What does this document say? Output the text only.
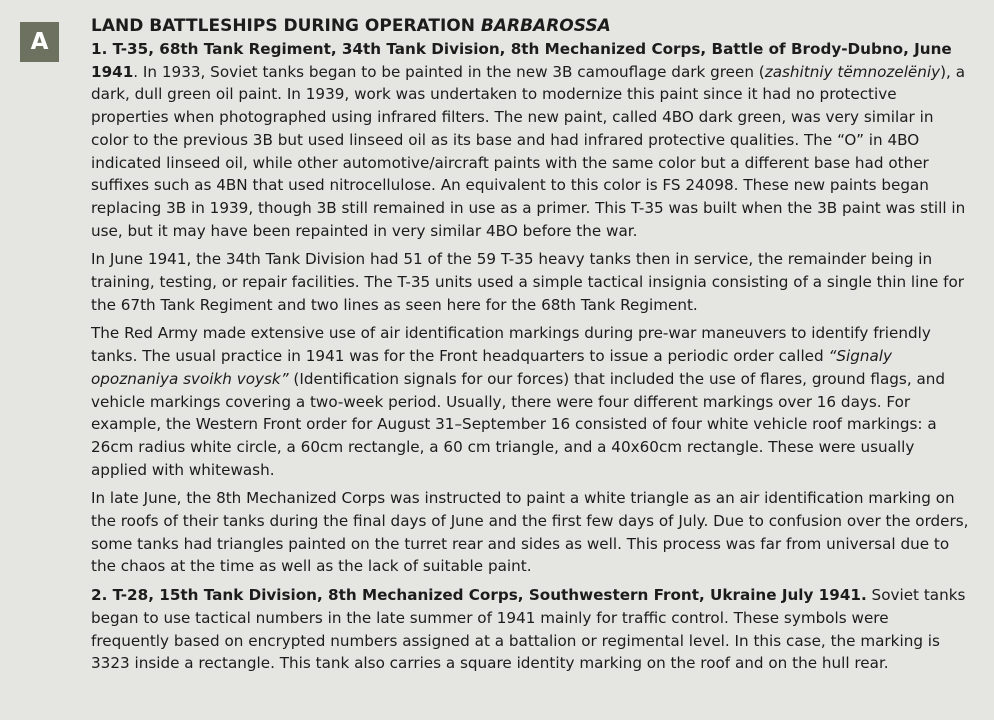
A
LAND BATTLESHIPS DURING OPERATION BARBAROSSA

1. T-35, 68th Tank Regiment, 34th Tank Division, 8th Mechanized Corps, Battle of Brody-Dubno, June 1941. In 1933, Soviet tanks began to be painted in the new 3B camouflage dark green (zashitniy tëmnozelëniy), a dark, dull green oil paint. In 1939, work was undertaken to modernize this paint since it had no protective properties when photographed using infrared filters. The new paint, called 4BO dark green, was very similar in color to the previous 3B but used linseed oil as its base and had infrared protective qualities. The “O” in 4BO indicated linseed oil, while other automotive/aircraft paints with the same color but a different base had other suffixes such as 4BN that used nitrocellulose. An equivalent to this color is FS 24098. These new paints began replacing 3B in 1939, though 3B still remained in use as a primer. This T-35 was built when the 3B paint was still in use, but it may have been repainted in very similar 4BO before the war.

In June 1941, the 34th Tank Division had 51 of the 59 T-35 heavy tanks then in service, the remainder being in training, testing, or repair facilities. The T-35 units used a simple tactical insignia consisting of a single thin line for the 67th Tank Regiment and two lines as seen here for the 68th Tank Regiment.

The Red Army made extensive use of air identification markings during pre-war maneuvers to identify friendly tanks. The usual practice in 1941 was for the Front headquarters to issue a periodic order called “Signaly opoznaniya svoikh voysk” (Identification signals for our forces) that included the use of flares, ground flags, and vehicle markings covering a two-week period. Usually, there were four different markings over 16 days. For example, the Western Front order for August 31–September 16 consisted of four white vehicle roof markings: a 26cm radius white circle, a 60cm rectangle, a 60 cm triangle, and a 40x60cm rectangle. These were usually applied with whitewash.

In late June, the 8th Mechanized Corps was instructed to paint a white triangle as an air identification marking on the roofs of their tanks during the final days of June and the first few days of July. Due to confusion over the orders, some tanks had triangles painted on the turret rear and sides as well. This process was far from universal due to the chaos at the time as well as the lack of suitable paint.

2. T-28, 15th Tank Division, 8th Mechanized Corps, Southwestern Front, Ukraine July 1941. Soviet tanks began to use tactical numbers in the late summer of 1941 mainly for traffic control. These symbols were frequently based on encrypted numbers assigned at a battalion or regimental level. In this case, the marking is 3323 inside a rectangle. This tank also carries a square identity marking on the roof and on the hull rear.
